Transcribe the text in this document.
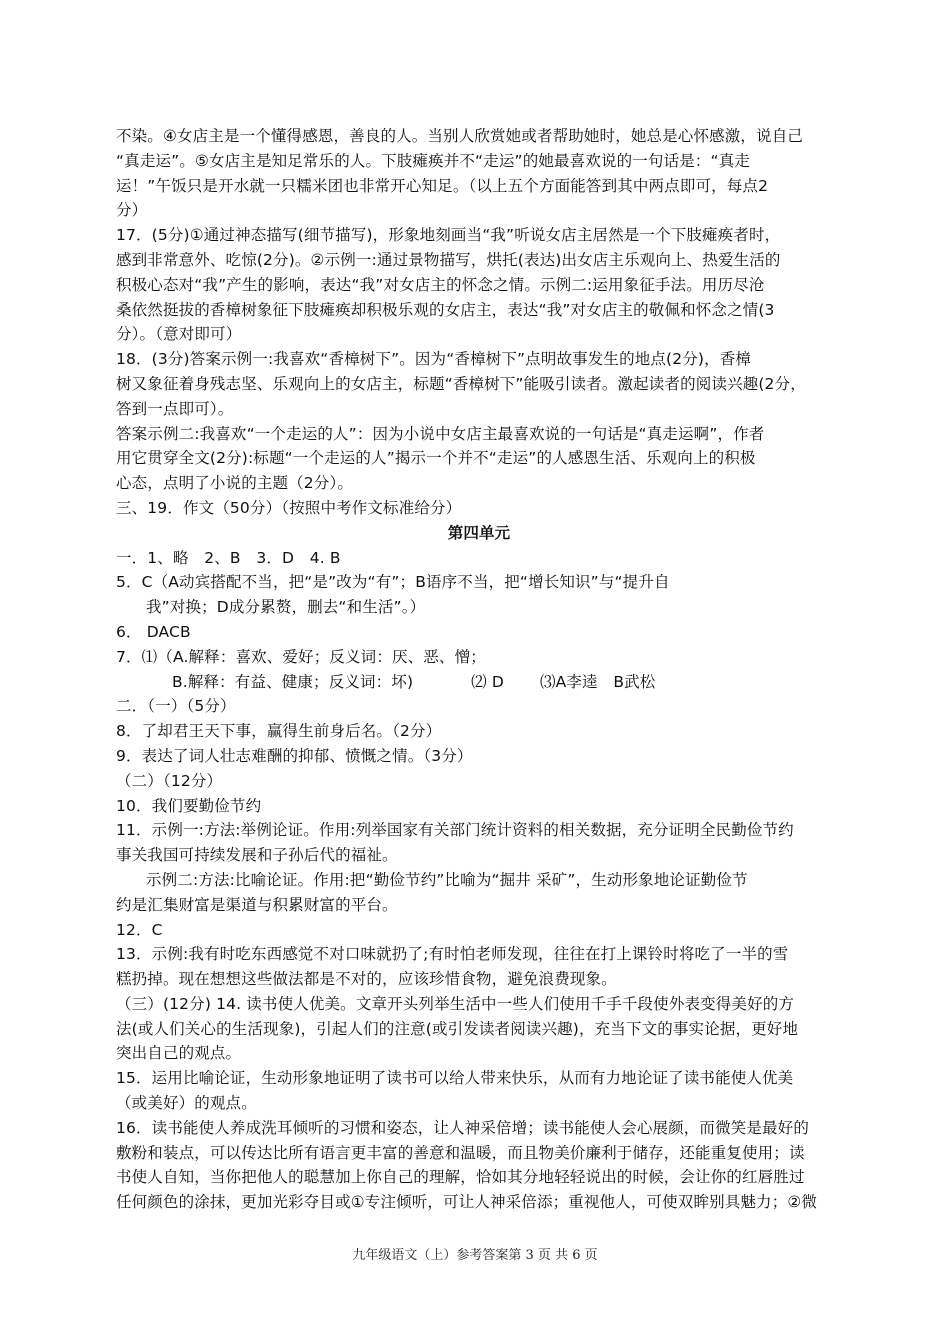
不染。④女店主是一个懂得感恩，善良的人。当别人欣赏她或者帮助她时，她总是心怀感激，说自己
“真走运”。⑤女店主是知足常乐的人。下肢瘫痪并不“走运”的她最喜欢说的一句话是：“真走
运！”午饭只是开水就一只糯米团也非常开心知足。（以上五个方面能答到其中两点即可，每点2
分）
17．(5分)①通过神态描写(细节描写)，形象地刻画当“我”听说女店主居然是一个下肢瘫痪者时，
感到非常意外、吃惊(2分)。②示例一:通过景物描写，烘托(表达)出女店主乐观向上、热爱生活的
积极心态对“我”产生的影响，表达“我”对女店主的怀念之情。示例二:运用象征手法。用历尽沧
桑依然挺拔的香樟树象征下肢瘫痪却积极乐观的女店主，表达“我”对女店主的敬佩和怀念之情(3
分）。（意对即可）
18．(3分)答案示例一:我喜欢“香樟树下”。因为“香樟树下”点明故事发生的地点(2分)，香樟
树又象征着身残志坚、乐观向上的女店主，标题“香樟树下”能吸引读者。激起读者的阅读兴趣(2分，
答到一点即可）。
答案示例二:我喜欢“一个走运的人”：因为小说中女店主最喜欢说的一句话是“真走运啊”，作者
用它贯穿全文(2分):标题“一个走运的人”揭示一个并不“走运”的人感恩生活、乐观向上的积极
心态，点明了小说的主题（2分）。
三、19．作文（50分）（按照中考作文标准给分）
第四单元
一．1、略　2、B　3．D　4. B
5．C（A动宾搭配不当，把“是”改为“有”；B语序不当，把“增长知识”与“提升自
我”对换；D成分累赘，删去“和生活”。）
6． DACB
7．⑴（A.解释：喜欢、爱好；反义词：厌、恶、憎；
B.解释：有益、健康；反义词：坏)	⑵ D ⑶A李逵　B武松
二．（一）（5分）
8．了却君王天下事，赢得生前身后名。（2分）
9．表达了词人壮志难酬的抑郁、愤慨之情。（3分）
（二）（12分）
10．我们要勤俭节约
11．示例一:方法:举例论证。作用:列举国家有关部门统计资料的相关数据，充分证明全民勤俭节约
事关我国可持续发展和子孙后代的福祉。
示例二:方法:比喻论证。作用:把“勤俭节约”比喻为“掘井 采矿”，生动形象地论证勤俭节
约是汇集财富是渠道与积累财富的平台。
12．C
13．示例:我有时吃东西感觉不对口味就扔了;有时怕老师发现，往往在打上课铃时将吃了一半的雪
糕扔掉。现在想想这些做法都是不对的，应该珍惜食物，避免浪费现象。
（三）(12分) 14. 读书使人优美。文章开头列举生活中一些人们使用千手千段使外表变得美好的方
法(或人们关心的生活现象)，引起人们的注意(或引发读者阅读兴趣)，充当下文的事实论据，更好地
突出自己的观点。
15．运用比喻论证，生动形象地证明了读书可以给人带来快乐，从而有力地论证了读书能使人优美
（或美好）的观点。
16．读书能使人养成洗耳倾听的习惯和姿态，让人神采倍增；读书能使人会心展颜，而微笑是最好的
敷粉和装点，可以传达比所有语言更丰富的善意和温暖，而且物美价廉利于储存，还能重复使用；读
书使人自知，当你把他人的聪慧加上你自己的理解，恰如其分地轻轻说出的时候，会让你的红唇胜过
任何颜色的涂抹，更加光彩夺目或①专注倾听，可让人神采倍添；重视他人，可使双眸别具魅力；②微
九年级语文（上）参考答案第 3 页 共 6 页
